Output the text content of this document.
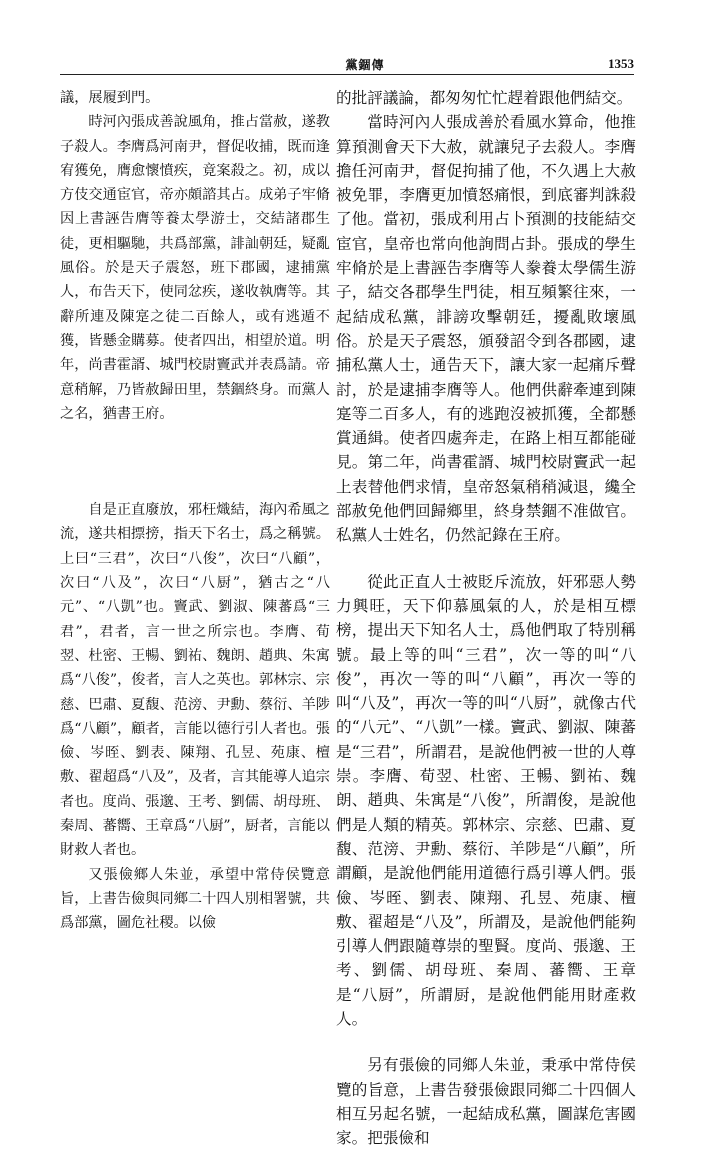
黨錮傳	1353

議，展履到門。

時河內張成善說風角，推占當赦，遂教子殺人。李膺爲河南尹，督促收捕，既而逢宥獲免，膺愈懷憤疾，竟案殺之。初，成以方伎交通宦官，帝亦頗諮其占。成弟子牢脩因上書誣告膺等養太學游士，交結諸郡生徒，更相驅馳，共爲部黨，誹訕朝廷，疑亂風俗。於是天子震怒，班下郡國，逮捕黨人，布告天下，使同忿疾，遂收執膺等。其辭所連及陳寔之徒二百餘人，或有逃遁不獲，皆懸金購募。使者四出，相望於道。明年，尚書霍諝、城門校尉竇武并表爲請。帝意稍解，乃皆赦歸田里，禁錮終身。而黨人之名，猶書王府。

自是正直廢放，邪枉熾結，海內希風之流，遂共相摽搒，指天下名士，爲之稱號。上曰“三君”，次曰“八俊”，次曰“八顧”，次曰“八及”，次曰“八厨”，猶古之“八元”、“八凱”也。竇武、劉淑、陳蕃爲“三君”，君者，言一世之所宗也。李膺、荀翌、杜密、王暢、劉祐、魏朗、趙典、朱寓爲“八俊”，俊者，言人之英也。郭林宗、宗慈、巴肅、夏馥、范滂、尹勳、蔡衍、羊陟爲“八顧”，顧者，言能以德行引人者也。張儉、岑晊、劉表、陳翔、孔昱、苑康、檀敷、翟超爲“八及”，及者，言其能導人追宗者也。度尚、張邈、王考、劉儒、胡母班、秦周、蕃嚮、王章爲“八厨”，厨者，言能以財救人者也。

又張儉鄉人朱並，承望中常侍侯覽意旨，上書告儉與同鄉二十四人別相署號，共爲部黨，圖危社稷。以儉

的批評議論，都匆匆忙忙趕着跟他們結交。

當時河內人張成善於看風水算命，他推算預測會天下大赦，就讓兒子去殺人。李膺擔任河南尹，督促拘捕了他，不久遇上大赦被免罪，李膺更加憤怒痛恨，到底審判誅殺了他。當初，張成利用占卜預測的技能結交宦官，皇帝也常向他詢問占卦。張成的學生牢脩於是上書誣告李膺等人豢養太學儒生游子，結交各郡學生門徒，相互頻繁往來，一起結成私黨，誹謗攻擊朝廷，擾亂敗壞風俗。於是天子震怒，頒發詔令到各郡國，逮捕私黨人士，通告天下，讓大家一起痛斥聲討，於是逮捕李膺等人。他們供辭牽連到陳寔等二百多人，有的逃跑沒被抓獲，全都懸賞通緝。使者四處奔走，在路上相互都能碰見。第二年，尚書霍諝、城門校尉竇武一起上表替他們求情，皇帝怒氣稍稍減退，纔全部赦免他們回歸鄉里，終身禁錮不准做官。私黨人士姓名，仍然記錄在王府。

從此正直人士被貶斥流放，奸邪惡人勢力興旺，天下仰慕風氣的人，於是相互標榜，提出天下知名人士，爲他們取了特別稱號。最上等的叫“三君”，次一等的叫“八俊”，再次一等的叫“八顧”，再次一等的叫“八及”，再次一等的叫“八厨”，就像古代的“八元”、“八凱”一樣。竇武、劉淑、陳蕃是“三君”，所謂君，是說他們被一世的人尊崇。李膺、荀翌、杜密、王暢、劉祐、魏朗、趙典、朱寓是“八俊”，所謂俊，是說他們是人類的精英。郭林宗、宗慈、巴肅、夏馥、范滂、尹勳、蔡衍、羊陟是“八顧”，所謂顧，是說他們能用道德行爲引導人們。張儉、岑晊、劉表、陳翔、孔昱、苑康、檀敷、翟超是“八及”，所謂及，是說他們能夠引導人們跟隨尊崇的聖賢。度尚、張邈、王考、劉儒、胡母班、秦周、蕃嚮、王章是“八厨”，所謂厨，是說他們能用財產救人。

另有張儉的同鄉人朱並，秉承中常侍侯覽的旨意，上書告發張儉跟同鄉二十四個人相互另起名號，一起結成私黨，圖謀危害國家。把張儉和
